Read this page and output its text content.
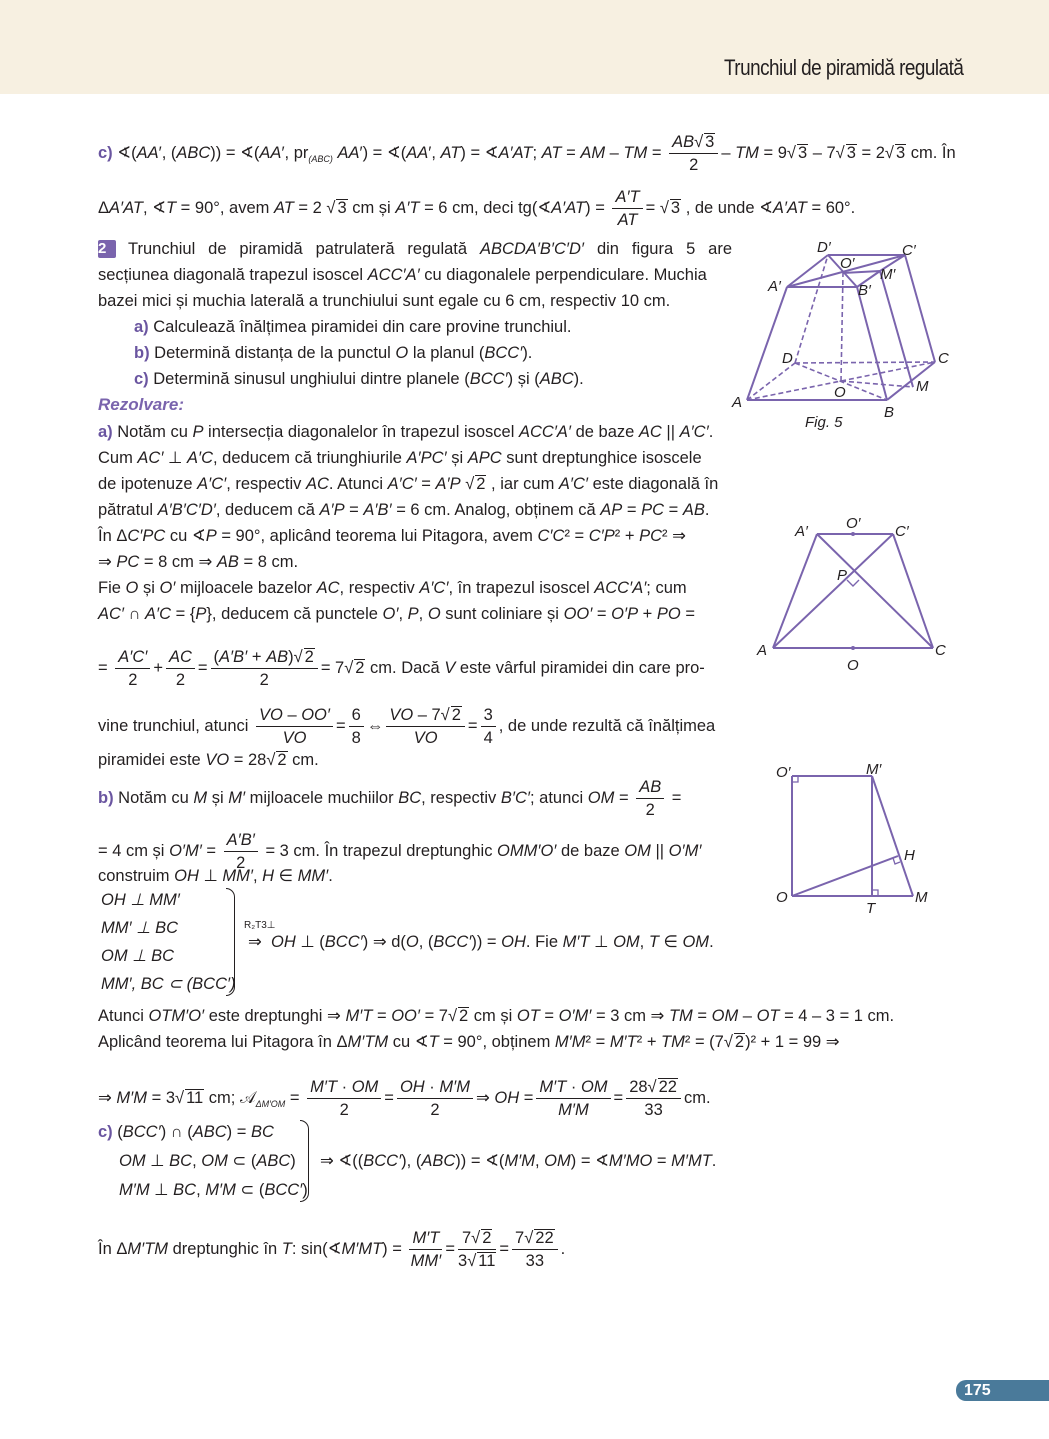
Trunchiul de piramidă regulată
c) ∢(AA′, (ABC)) = ∢(AA′, $pr_{(ABC)}$ AA′) = ∢(AA′, AT) = ∢A′AT; AT = AM – TM = $\frac{AB√ 3}{2}$ – TM = 9√ 3 – 7√ 3 = 2√ 3 cm. În
ΔA′AT, ∢T = 90°, avem AT = 2 √ 3 cm și A′T = 6 cm, deci tg(∢A′AT) = $\frac{A'T}{AT}$ = √ 3 , de unde ∢A′AT = 60°.
2 Trunchiul de piramidă patrulateră regulată ABCDA′B′C′D′ din figura 5 are
secțiunea diagonală trapezul isoscel ACC′A′ cu diagonalele perpendiculare. Muchia
bazei mici și muchia laterală a trunchiului sunt egale cu 6 cm, respectiv 10 cm.
a) Calculează înălțimea piramidei din care provine trunchiul.
b) Determină distanța de la punctul O la planul (BCC′).
c) Determină sinusul unghiului dintre planele (BCC′) și (ABC).
Rezolvare:
a) Notăm cu P intersecția diagonalelor în trapezul isoscel ACC′A′ de baze AC || A′C′.
Cum AC′ ⊥ A′C, deducem că triunghiurile A′PC′ și APC sunt dreptunghice isoscele
de ipotenuze A′C′, respectiv AC. Atunci A′C′ = A′P √ 2 , iar cum A′C′ este diagonală în
pătratul A′B′C′D′, deducem că A′P = A′B′ = 6 cm. Analog, obținem că AP = PC = AB.
În ΔC′PC cu ∢P = 90°, aplicând teorema lui Pitagora, avem C′C² = C′P² + PC² ⇒
⇒ PC = 8 cm ⇒ AB = 8 cm.
Fie O și O′ mijloacele bazelor AC, respectiv A′C′, în trapezul isoscel ACC′A′; cum
AC′ ∩ A′C = {P}, deducem că punctele O′, P, O sunt coliniare și OO′ = O′P + PO =
= $\frac{A'C'}{2} + \frac{AC}{2} = \frac{(A'B' + AB)√ 2}{2} = 7√$ 2 cm. Dacă V este vârful piramidei din care pro-
vine trunchiul, atunci $\frac{VO - OO'}{VO} = \frac{6}{8}$ ⇔ $\frac{VO - 7√ 2}{VO} = \frac{3}{4}$ , de unde rezultă că înălțimea
piramidei este VO = 28√ 2 cm.
b) Notăm cu M și M′ mijloacele muchiilor BC, respectiv B′C′; atunci OM = $\frac{AB}{2}$ =
= 4 cm și $O'M' = \frac{A'B'}{2} = 3$ cm. În trapezul dreptunghic OMM′O′ de baze OM || O′M′
construim OH ⊥ MM′, H ∈ MM′.
OH ⊥ MM′
MM′ ⊥ BC
OM ⊥ BC
MM′, BC ⊂ (BCC′)
R₂T3⊥
⇒  OH ⊥ (BCC′) ⇒ d(O, (BCC′)) = OH. Fie M′T ⊥ OM, T ∈ OM.
Atunci OTM′O′ este dreptunghi ⇒ M′T = OO′ = 7√ 2 cm și OT = O′M′ = 3 cm ⇒ TM = OM – OT = 4 – 3 = 1 cm.
Aplicând teorema lui Pitagora în ΔM′TM cu ∢T = 90°, obținem M′M² = M′T² + TM² = (7√ 2)² + 1 = 99 ⇒
⇒ M′M = 3√ 11 cm; 𝒜$_{\Delta M'OM}$ = $\frac{M'T \cdot OM}{2} = \frac{OH \cdot M'M}{2}$ ⇒ OH = $\frac{M'T \cdot OM}{M'M} = \frac{28√ 22}{33}$ cm.
c) (BCC′) ∩ (ABC) = BC
OM ⊥ BC, OM ⊂ (ABC)
M′M ⊥ BC, M′M ⊂ (BCC′)
⇒ ∢((BCC′), (ABC)) = ∢(M′M, OM) = ∢M′MO = M′MT.
În ΔM′TM dreptunghic în T: sin(∢M′MT) = $\frac{M'T}{MM'} = \frac{7√ 2}{3√ 11} = \frac{7√ 22}{33}$ .
A
B
C
D
A′	B′
C′
D′
O
O′
M
M′
Fig. 5
A′	O′ C′
P
A
O
C
O′	M′
H
O
T
M
175
